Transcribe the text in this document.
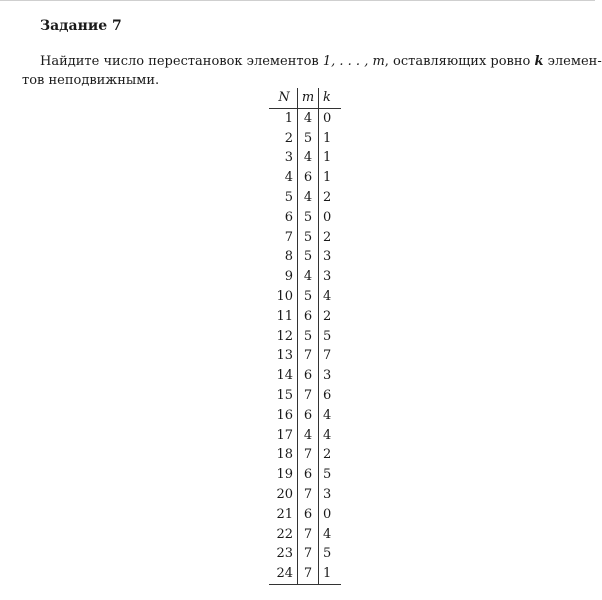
Задание 7
Найдите число перестановок элементов 1, . . . , m, оставляющих ровно k элемен-
тов неподвижными.
N	m	k
1	4	0
2	5	1
3	4	1
4	6	1
5	4	2
6	5	0
7	5	2
8	5	3
9	4	3
10	5	4
11	6	2
12	5	5
13	7	7
14	6	3
15	7	6
16	6	4
17	4	4
18	7	2
19	6	5
20	7	3
21	6	0
22	7	4
23	7	5
24	7	1
